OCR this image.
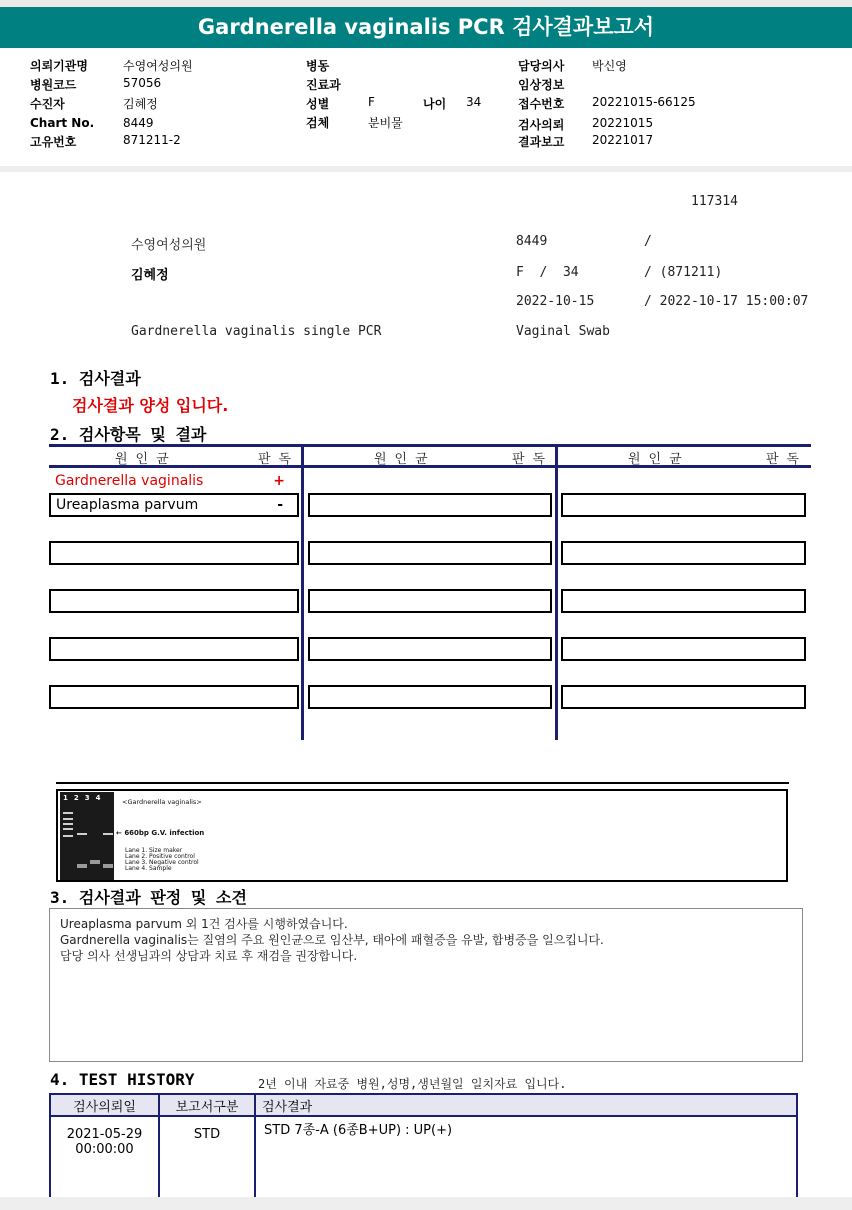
Gardnerella vaginalis PCR 검사결과보고서
의뢰기관명	수영여성의원
병원코드	57056
수진자	김혜정
Chart No. 8449
고유번호	871211-2
병동
진료과
성별	F	나이 34
검체	분비물
담당의사 박신영
임상정보
접수번호 20221015-66125
검사의뢰 20221015
결과보고 20221017
117314
수영여성의원	8449	/
김혜정	F  /  34	/ (871211)
2022-10-15	/ 2022-10-17 15:00:07
Gardnerella vaginalis single PCR	Vaginal Swab
1. 검사결과
검사결과 양성 입니다.
2. 검사항목 및 결과
원인균	판독	원인균	판독	원인균	판독
Gardnerella vaginalis	+
Ureaplasma parvum	-
1234 <Gardnerella vaginalis>
← 660bp G.V. infection
Lane 1. Size maker
Lane 2. Positive control
Lane 3. Negative control
Lane 4. Sample
3. 검사결과 판정 및 소견
Ureaplasma parvum 외 1건 검사를 시행하였습니다.
Gardnerella vaginalis는 질염의 주요 원인균으로 임산부, 태아에 패혈증을 유발, 합병증을 일으킵니다.
담당 의사 선생님과의 상담과 치료 후 재검을 권장합니다.
4. TEST HISTORY	2년 이내 자료중 병원,성명,생년월일 일치자료 입니다.
검사의뢰일	보고서구분	검사결과

2021-05-29
00:00:00	STD	STD 7종-A (6종B+UP) : UP(+)
